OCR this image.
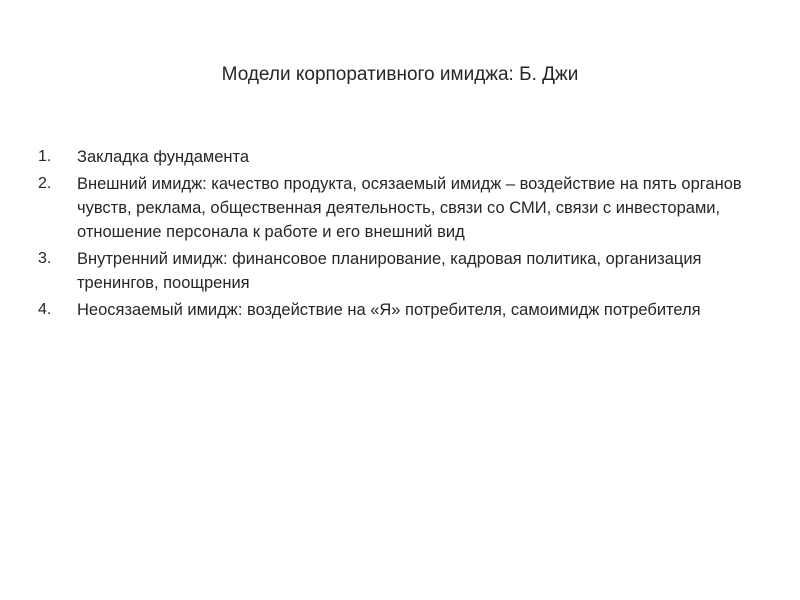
Модели корпоративного имиджа: Б. Джи
1. Закладка фундамента
2. Внешний имидж: качество продукта, осязаемый имидж – воздействие на пять органов чувств, реклама, общественная деятельность, связи со СМИ, связи с инвесторами, отношение персонала к работе и его внешний вид
3. Внутренний имидж: финансовое планирование, кадровая политика, организация тренингов, поощрения
4. Неосязаемый имидж: воздействие на «Я» потребителя, самоимидж потребителя
